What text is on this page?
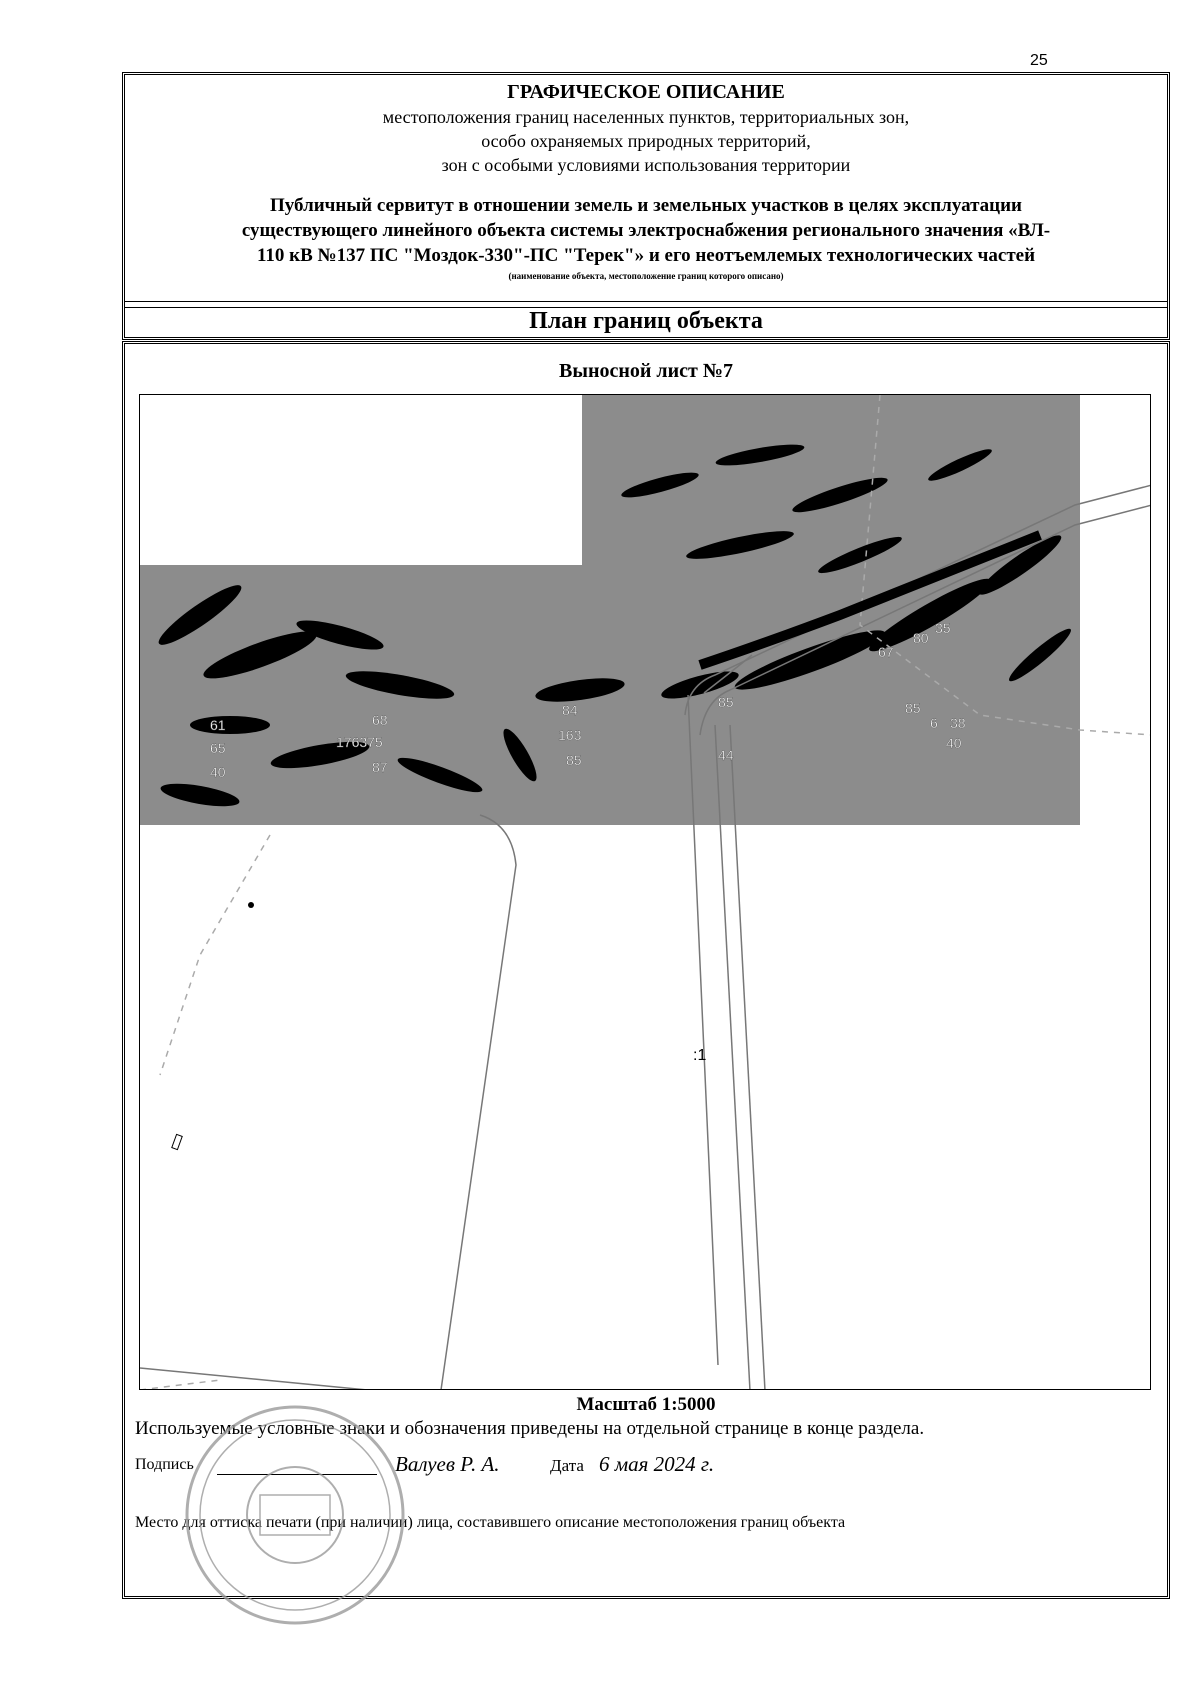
25
ГРАФИЧЕСКОЕ ОПИСАНИЕ
местоположения границ населенных пунктов, территориальных зон,
особо охраняемых природных территорий,
зон с особыми условиями использования территории
Публичный сервитут в отношении земель и земельных участков в целях эксплуатации
существующего линейного объекта системы электроснабжения регионального значения «ВЛ-
110 кВ №137 ПС "Моздок-330"-ПС "Терек"» и его неотъемлемых технологических частей
(наименование объекта, местоположение границ которого описано)
План границ объекта
Выносной лист №7
61
65
40
68
176375
87
84
163
85
85
44
80
35
67
85
6 38
40
:1
Масштаб 1:5000
Используемые условные знаки и обозначения приведены на отдельной странице в конце раздела.
Подпись	Валуев Р. А.	Дата 6 мая 2024 г.
Место для оттиска печати (при наличии) лица, составившего описание местоположения границ объекта
